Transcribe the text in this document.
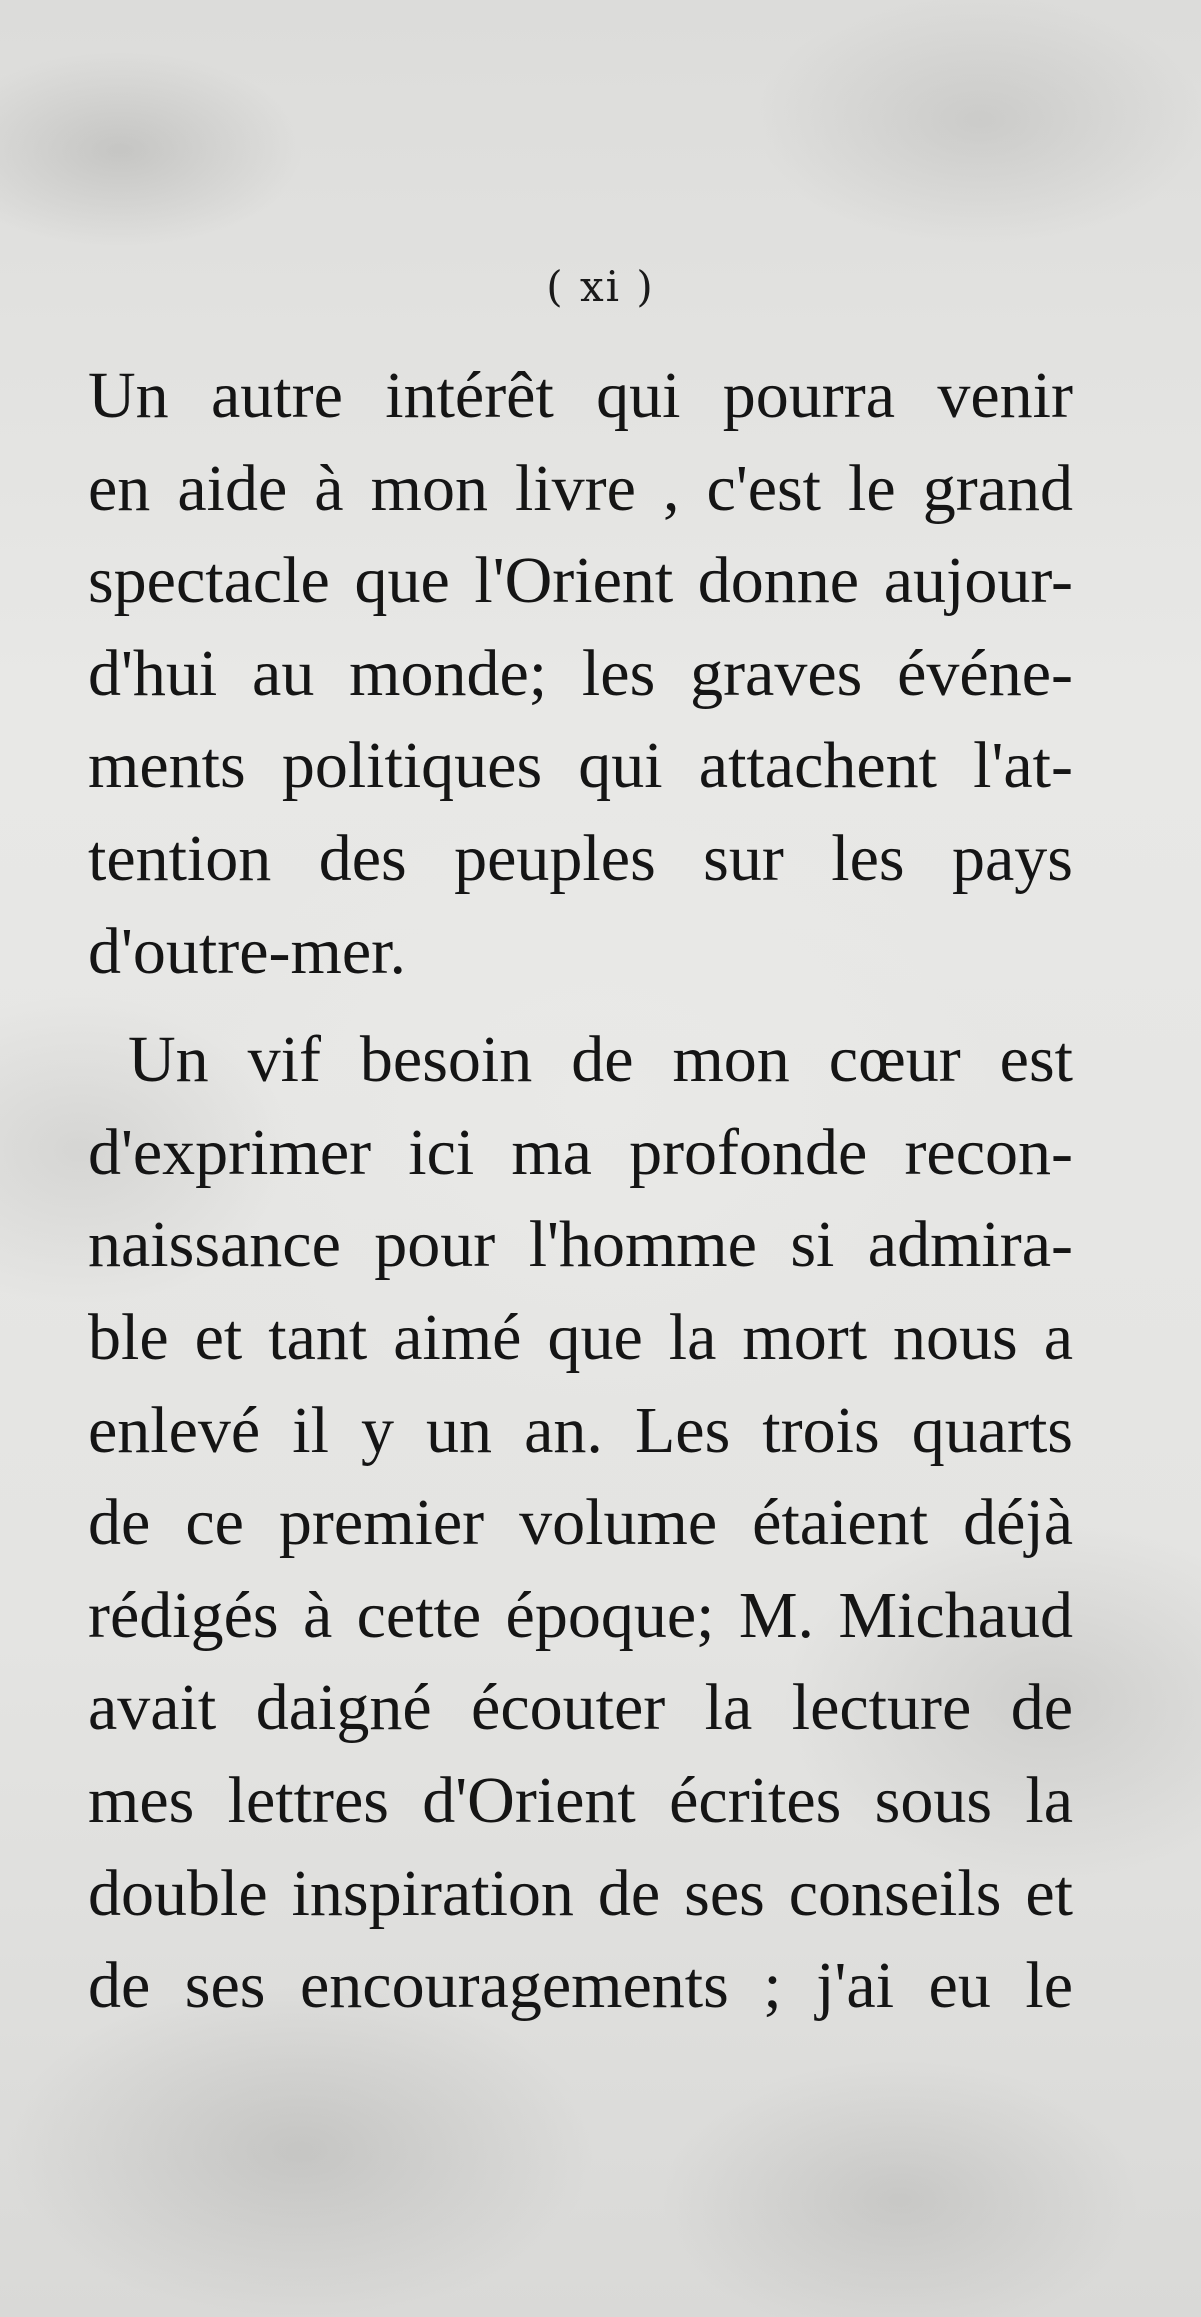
( xi )
Un autre intérêt qui pourra venir
en aide à mon livre , c'est le grand
spectacle que l'Orient donne aujour-
d'hui au monde; les graves événe-
ments politiques qui attachent l'at-
tention des peuples sur les pays
d'outre-mer.
Un vif besoin de mon cœur est
d'exprimer ici ma profonde recon-
naissance pour l'homme si admira-
ble et tant aimé que la mort nous a
enlevé il y un an. Les trois quarts
de ce premier volume étaient déjà
rédigés à cette époque; M. Michaud
avait daigné écouter la lecture de
mes lettres d'Orient écrites sous la
double inspiration de ses conseils et
de ses encouragements ; j'ai eu le
